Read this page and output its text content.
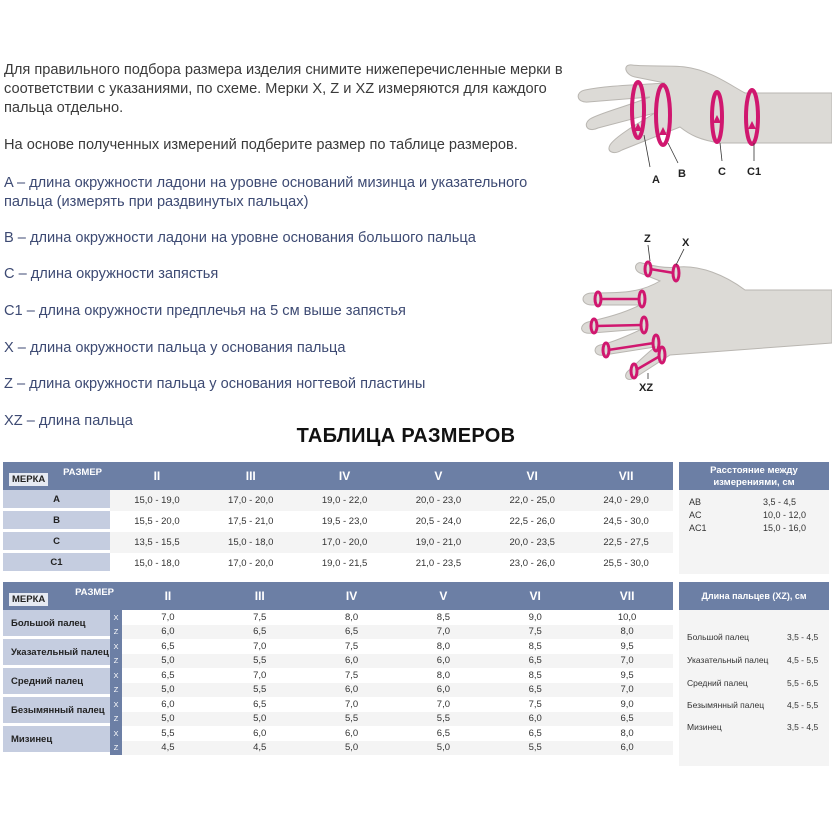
Для правильного подбора размера изделия снимите нижеперечисленные мерки в соответствии с указаниями, по схеме. Мерки X, Z и XZ измеряются для каждого пальца отдельно.

На основе полученных измерений подберите размер по таблице размеров.

A – длина окружности ладони на уровне оснований мизинца и указательного пальца (измерять при раздвинутых пальцах)
B – длина окружности ладони на уровне основания большого пальца
C – длина окружности запястья
C1 – длина окружности предплечья на 5 см выше запястья
X – длина окружности пальца у основания пальца
Z – длина окружности пальца у основания ногтевой пластины
XZ – длина пальца
A B	C C1
Z	X
XZ
ТАБЛИЦА РАЗМЕРОВ
РАЗМЕР
МЕРКА	II	III	IV	V	VI	VII
A	15,0 - 19,0	17,0 - 20,0	19,0 - 22,0	20,0 - 23,0	22,0 - 25,0	24,0 - 29,0
B	15,5 - 20,0	17,5 - 21,0	19,5 - 23,0	20,5 - 24,0	22,5 - 26,0	24,5 - 30,0
C	13,5 - 15,5	15,0 - 18,0	17,0 - 20,0	19,0 - 21,0	20,0 - 23,5	22,5 - 27,5
C1	15,0 - 18,0	17,0 - 20,0	19,0 - 21,5	21,0 - 23,5	23,0 - 26,0	25,5 - 30,0
Расстояние между измерениями, см
AB	3,5 - 4,5
AC	10,0 - 12,0
AC1	15,0 - 16,0
РАЗМЕР
МЕРКА		II	III	IV	V	VI	VII
Большой палец	X	7,0	7,5	8,0	8,5	9,0	10,0
	Z	6,0	6,5	6,5	7,0	7,5	8,0
Указательный палец	X	6,5	7,0	7,5	8,0	8,5	9,5
	Z	5,0	5,5	6,0	6,0	6,5	7,0
Средний палец	X	6,5	7,0	7,5	8,0	8,5	9,5
	Z	5,0	5,5	6,0	6,0	6,5	7,0
Безымянный палец	X	6,0	6,5	7,0	7,0	7,5	9,0
	Z	5,0	5,0	5,5	5,5	6,0	6,5
Мизинец	X	5,5	6,0	6,0	6,5	6,5	8,0
	Z	4,5	4,5	5,0	5,0	5,5	6,0
Длина пальцев (XZ), см
Большой палец	3,5 - 4,5
Указательный палец 4,5 - 5,5
Средний палец	5,5 - 6,5
Безымянный палец	4,5 - 5,5
Мизинец	3,5 - 4,5
